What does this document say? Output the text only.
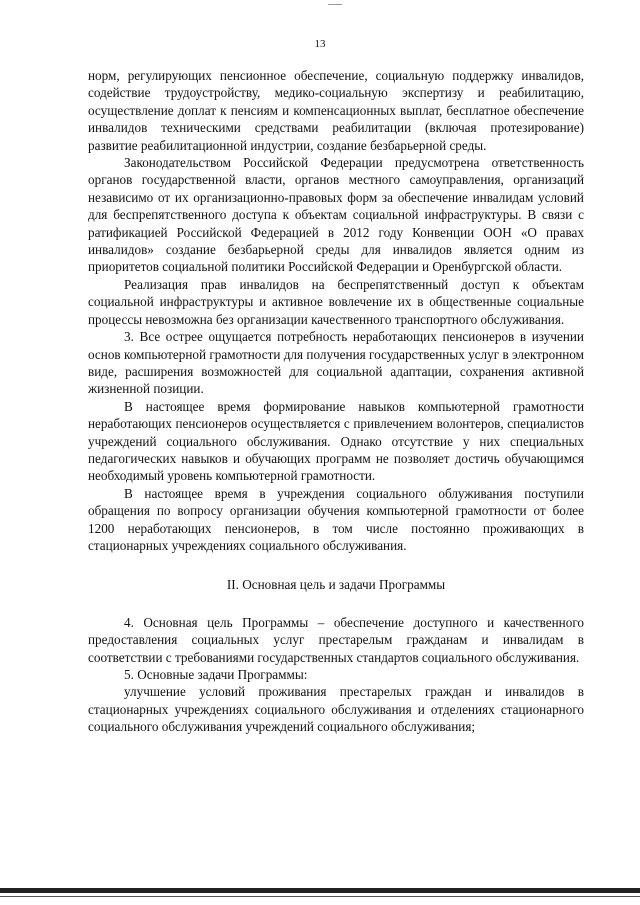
13

норм, регулирующих пенсионное обеспечение, социальную поддержку инвалидов, содействие трудоустройству, медико-социальную экспертизу и реабилитацию, осуществление доплат к пенсиям и компенсационных выплат, бесплатное обеспечение инвалидов техническими средствами реабилитации (включая протезирование) развитие реабилитационной индустрии, создание безбарьерной среды.

Законодательством Российской Федерации предусмотрена ответственность органов государственной власти, органов местного самоуправления, организаций независимо от их организационно-правовых форм за обеспечение инвалидам условий для беспрепятственного доступа к объектам социальной инфраструктуры. В связи с ратификацией Российской Федерацией в 2012 году Конвенции ООН «О правах инвалидов» создание безбарьерной среды для инвалидов является одним из приоритетов социальной политики Российской Федерации и Оренбургской области.

Реализация прав инвалидов на беспрепятственный доступ к объектам социальной инфраструктуры и активное вовлечение их в общественные социальные процессы невозможна без организации качественного транспортного обслуживания.

3. Все острее ощущается потребность неработающих пенсионеров в изучении основ компьютерной грамотности для получения государственных услуг в электронном виде, расширения возможностей для социальной адаптации, сохранения активной жизненной позиции.

В настоящее время формирование навыков компьютерной грамотности неработающих пенсионеров осуществляется с привлечением волонтеров, специалистов учреждений социального обслуживания. Однако отсутствие у них специальных педагогических навыков и обучающих программ не позволяет достичь обучающимся необходимый уровень компьютерной грамотности.

В настоящее время в учреждения социального облуживания поступили обращения по вопросу организации обучения компьютерной грамотности от более 1200 неработающих пенсионеров, в том числе постоянно проживающих в стационарных учреждениях социального обслуживания.

II. Основная цель и задачи Программы

4. Основная цель Программы – обеспечение доступного и качественного предоставления социальных услуг престарелым гражданам и инвалидам в соответствии с требованиями государственных стандартов социального обслуживания.

5. Основные задачи Программы:

улучшение условий проживания престарелых граждан и инвалидов в стационарных учреждениях социального обслуживания и отделениях стационарного социального обслуживания учреждений социального обслуживания;
